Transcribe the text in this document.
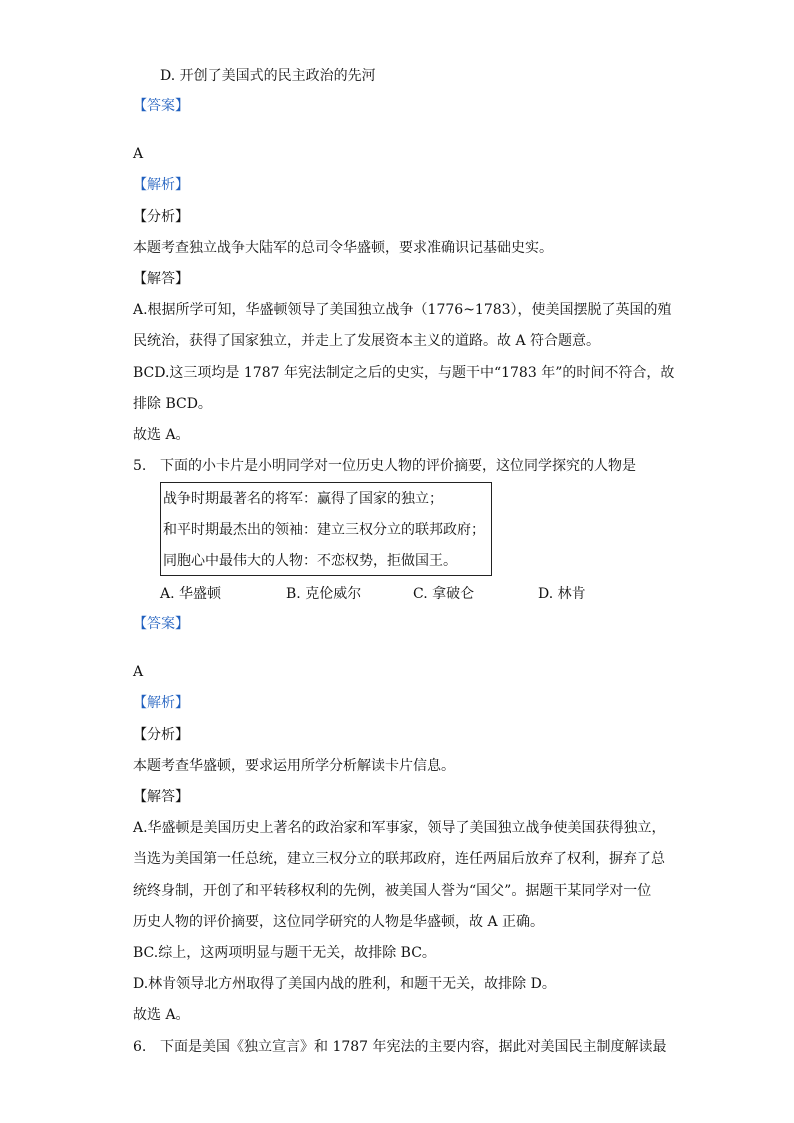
D. 开创了美国式的民主政治的先河
【答案】
A
【解析】
【分析】
本题考查独立战争大陆军的总司令华盛顿，要求准确识记基础史实。
【解答】
A.根据所学可知，华盛顿领导了美国独立战争（1776~1783），使美国摆脱了英国的殖
民统治，获得了国家独立，并走上了发展资本主义的道路。故 A 符合题意。
BCD.这三项均是 1787 年宪法制定之后的史实，与题干中“1783 年”的时间不符合，故
排除 BCD。
故选 A。
5. 下面的小卡片是小明同学对一位历史人物的评价摘要，这位同学探究的人物是
战争时期最著名的将军：赢得了国家的独立；
和平时期最杰出的领袖：建立三权分立的联邦政府；
同胞心中最伟大的人物：不恋权势，拒做国王。
A. 华盛顿	B. 克伦威尔	C. 拿破仑	D. 林肯
【答案】
A
【解析】
【分析】
本题考查华盛顿，要求运用所学分析解读卡片信息。
【解答】
A.华盛顿是美国历史上著名的政治家和军事家，领导了美国独立战争使美国获得独立，
当选为美国第一任总统，建立三权分立的联邦政府，连任两届后放弃了权利，摒弃了总
统终身制，开创了和平转移权利的先例，被美国人誉为“国父”。据题干某同学对一位
历史人物的评价摘要，这位同学研究的人物是华盛顿，故 A 正确。
BC.综上，这两项明显与题干无关，故排除 BC。
D.林肯领导北方州取得了美国内战的胜利，和题干无关，故排除 D。
故选 A。
6. 下面是美国《独立宣言》和 1787 年宪法的主要内容，据此对美国民主制度解读最
